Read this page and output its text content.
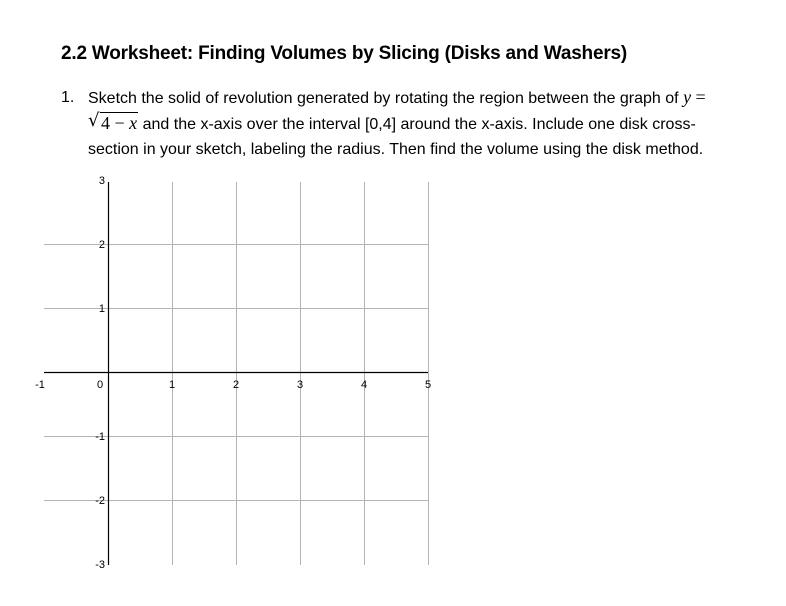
2.2 Worksheet: Finding Volumes by Slicing (Disks and Washers)
1. Sketch the solid of revolution generated by rotating the region between the graph of y =
√ 4 − x and the x-axis over the interval [0,4] around the x-axis. Include one disk cross-
section in your sketch, labeling the radius. Then find the volume using the disk method.
-1	0	1	2	3	4	5
3
2
1
-1
-2
-3
